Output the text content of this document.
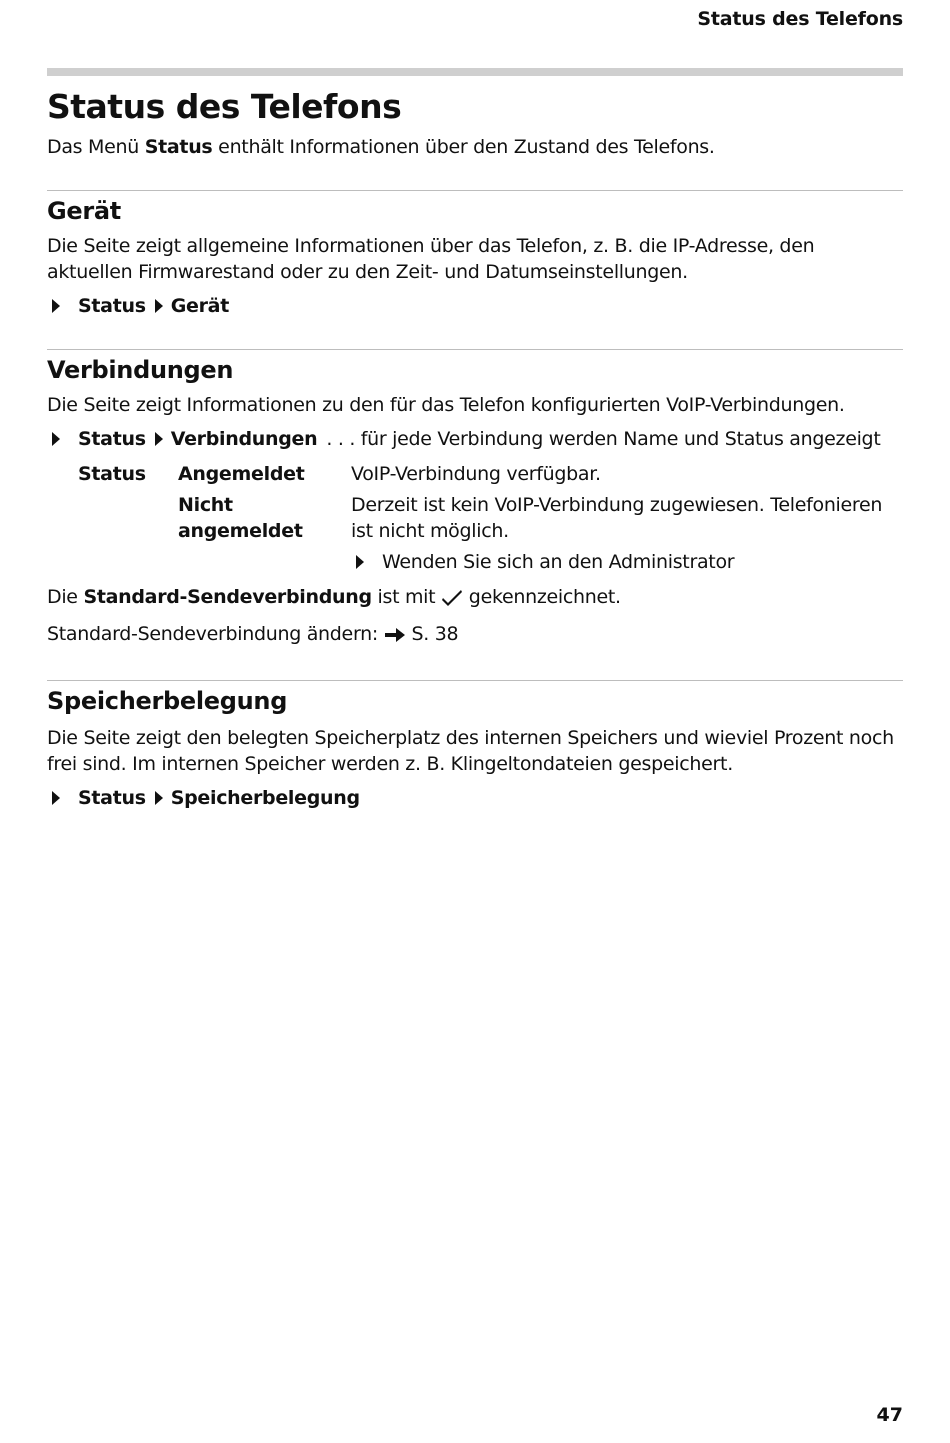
Status des Telefons
Status des Telefons

Das Menü Status enthält Informationen über den Zustand des Telefons.

Gerät

Die Seite zeigt allgemeine Informationen über das Telefon, z. B. die IP-Adresse, den aktuellen Firmwarestand oder zu den Zeit- und Datumseinstellungen.

Status Gerät
Verbindungen

Die Seite zeigt Informationen zu den für das Telefon konfigurierten VoIP-Verbindungen.

Status Verbindungen . . . für jede Verbindung werden Name und Status angezeigt
Status	Angemeldet	VoIP-Verbindung verfügbar.
Nicht angemeldet
Derzeit ist kein VoIP-Verbindung zugewiesen. Telefonieren ist nicht möglich.
Wenden Sie sich an den Administrator

Die Standard-Sendeverbindung ist mit  gekennzeichnet.

Standard-Sendeverbindung ändern:  S. 38

Speicherbelegung

Die Seite zeigt den belegten Speicherplatz des internen Speichers und wieviel Prozent noch frei sind. Im internen Speicher werden z. B. Klingeltondateien gespeichert.

Status Speicherbelegung
47
